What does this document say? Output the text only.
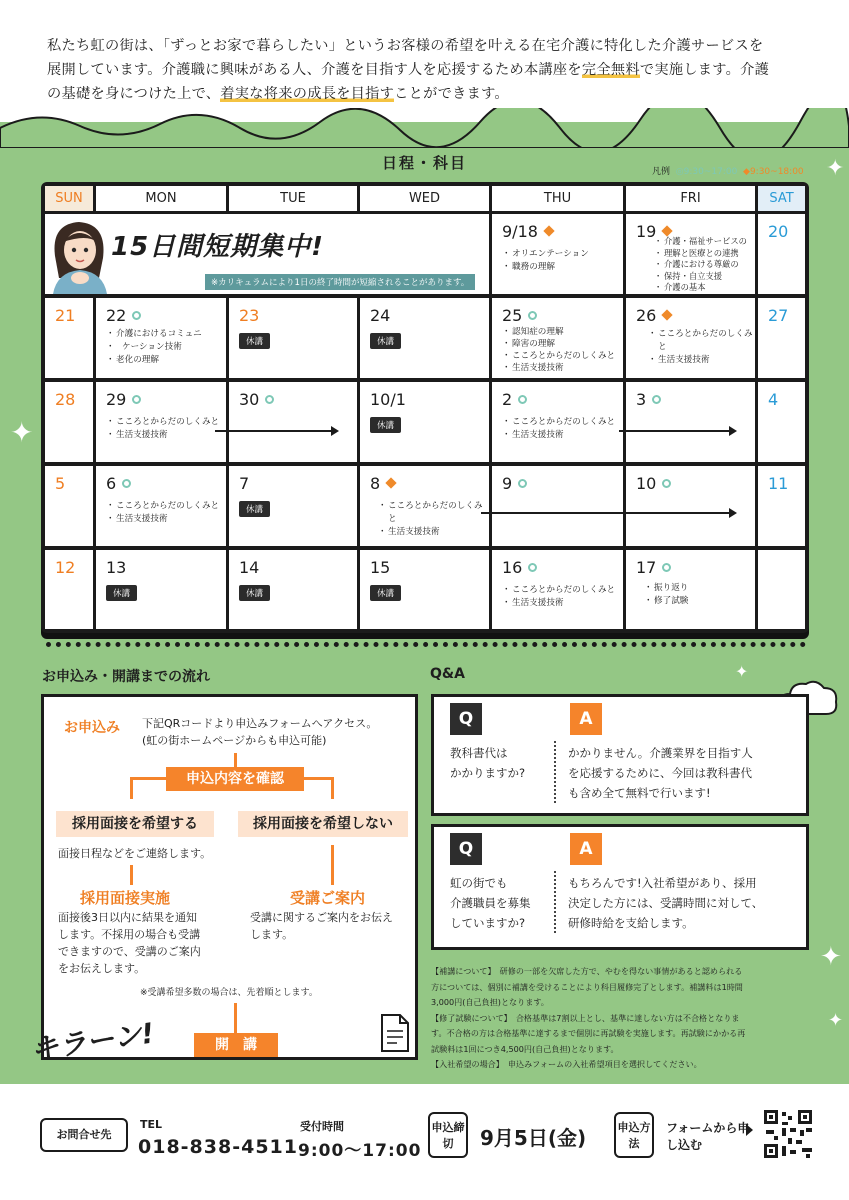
私たち虹の街は、「ずっとお家で暮らしたい」というお客様の希望を叶える在宅介護に特化した介護サービスを
展開しています。介護職に興味がある人、介護を目指す人を応援するため本講座を完全無料で実施します。介護
の基礎を身につけた上で、着実な将来の成長を目指すことができます。
✦
✦
✦
✦
✦
日程・科目	凡例 ◎9:30~17:00 ◆9:30~18:00
SUN	MON	TUE	WED	THU	FRI	SAT
15日間短期集中!
※カリキュラムにより1日の終了時間が短縮されることがあります。
9/18
・ オリエンテーション
・ 職務の理解
19
・ 介護・福祉サービスの
・ 理解と医療との連携
・ 介護における尊厳の
・ 保持・自立支援
・ 介護の基本
20
21 22
・ 介護におけるコミュニ
・ ケーション技術
・ 老化の理解
23
休講
24
休講
25
・ 認知症の理解
・ 障害の理解
・ こころとからだのしくみと
・ 生活支援技術
26
・ こころとからだのしくみと
・ 生活支援技術
27
28 29
・ こころとからだのしくみと
・ 生活支援技術
30	10/1
休講
2
・ こころとからだのしくみと
・ 生活支援技術
3	4
5	6
・ こころとからだのしくみと
・ 生活支援技術
7
休講
8
・ こころとからだのしくみと
・ 生活支援技術
9	10	11
12 13
休講
14
休講
15
休講
16
・ こころとからだのしくみと
・ 生活支援技術
17
・ 振り返り
・ 修了試験
お申込み・開講までの流れ
お申込み 下記QRコードより申込みフォームへアクセス。
(虹の街ホームページからも申込可能)
申込内容を確認
採用面接を希望する	採用面接を希望しない
面接日程などをご連絡します。
採用面接実施	受講ご案内
面接後3日以内に結果を通知
します。不採用の場合も受講
できますので、受講のご案内
をお伝えします。
受講に関するご案内をお伝え
します。
※受講希望多数の場合は、先着順とします。
開　講
キラーン!
Q&A
Q	A
教科書代は
かかりますか?
かかりません。介護業界を目指す人
を応援するために、今回は教科書代
も含め全て無料で行います!
Q	A
虹の街でも
介護職員を募集
していますか?
もちろんです!入社希望があり、採用
決定した方には、受講時間に対して、
研修時給を支給します。
【補講について】　研修の一部を欠席した方で、やむを得ない事情があると認められる
方については、個別に補講を受けることにより科目履修完了とします。補講料は1時間
3,000円(自己負担)となります。
【修了試験について】　合格基準は7割以上とし、基準に達しない方は不合格となりま
す。不合格の方は合格基準に達するまで個別に再試験を実施します。再試験にかかる再
試験料は1回につき4,500円(自己負担)となります。
【入社希望の場合】　申込みフォームの入社希望項目を選択してください。
お問合せ先
TEL
018-838-4511
受付時間
9:00～17:00
申込締切	9月5日(金)	申込方法
フォームから申し込む
